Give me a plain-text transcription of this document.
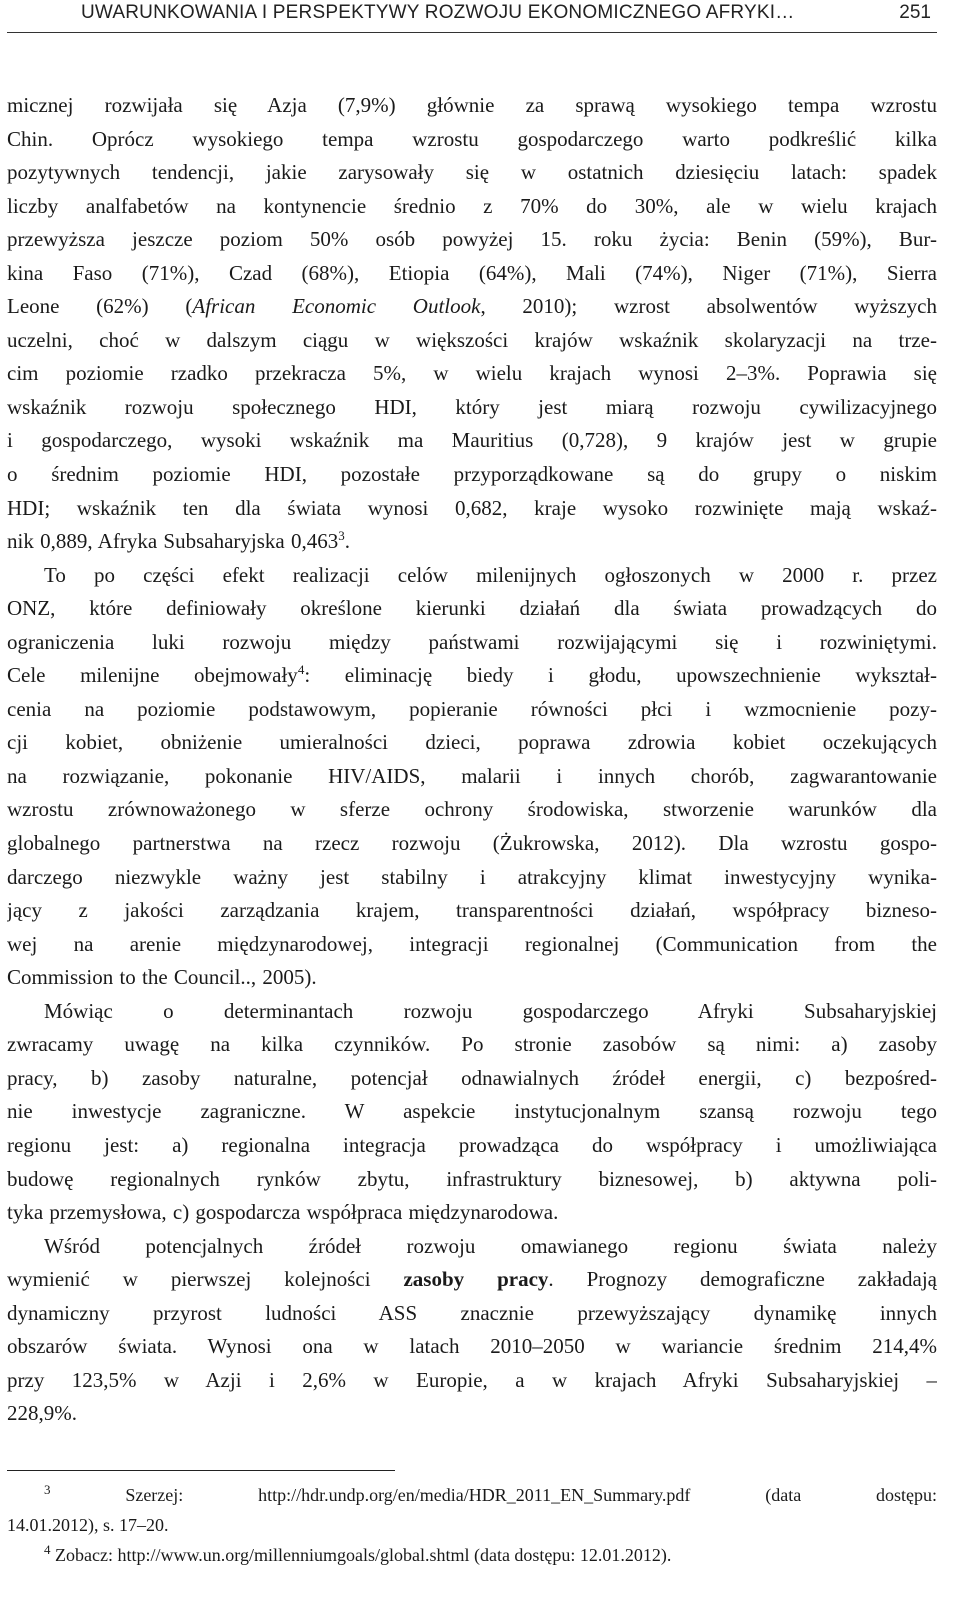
UWARUNKOWANIA I PERSPEKTYWY ROZWOJU EKONOMICZNEGO AFRYKI…	251
micznej rozwijała się Azja (7,9%) głównie za sprawą wysokiego tempa wzrostu
Chin. Oprócz wysokiego tempa wzrostu gospodarczego warto podkreślić kilka
pozytywnych tendencji, jakie zarysowały się w ostatnich dziesięciu latach: spadek
liczby analfabetów na kontynencie średnio z 70% do 30%, ale w wielu krajach
przewyższa jeszcze poziom 50% osób powyżej 15. roku życia: Benin (59%), Bur-
kina Faso (71%), Czad (68%), Etiopia (64%), Mali (74%), Niger (71%), Sierra
Leone (62%) (African Economic Outlook, 2010); wzrost absolwentów wyższych
uczelni, choć w dalszym ciągu w większości krajów wskaźnik skolaryzacji na trze-
cim poziomie rzadko przekracza 5%, w wielu krajach wynosi 2–3%. Poprawia się
wskaźnik rozwoju społecznego HDI, który jest miarą rozwoju cywilizacyjnego
i gospodarczego, wysoki wskaźnik ma Mauritius (0,728), 9 krajów jest w grupie
o średnim poziomie HDI, pozostałe przyporządkowane są do grupy o niskim
HDI; wskaźnik ten dla świata wynosi 0,682, kraje wysoko rozwinięte mają wskaź-
nik 0,889, Afryka Subsaharyjska 0,463$^3$.
To po części efekt realizacji celów milenijnych ogłoszonych w 2000 r. przez
ONZ, które definiowały określone kierunki działań dla świata prowadzących do
ograniczenia luki rozwoju między państwami rozwijającymi się i rozwiniętymi.
Cele milenijne obejmowały$^4$: eliminację biedy i głodu, upowszechnienie wykształ-
cenia na poziomie podstawowym, popieranie równości płci i wzmocnienie pozy-
cji kobiet, obniżenie umieralności dzieci, poprawa zdrowia kobiet oczekujących
na rozwiązanie, pokonanie HIV/AIDS, malarii i innych chorób, zagwarantowanie
wzrostu zrównoważonego w sferze ochrony środowiska, stworzenie warunków dla
globalnego partnerstwa na rzecz rozwoju (Żukrowska, 2012). Dla wzrostu gospo-
darczego niezwykle ważny jest stabilny i atrakcyjny klimat inwestycyjny wynika-
jący z jakości zarządzania krajem, transparentności działań, współpracy bizneso-
wej na arenie międzynarodowej, integracji regionalnej (Communication from the
Commission to the Council.., 2005).
Mówiąc o determinantach rozwoju gospodarczego Afryki Subsaharyjskiej
zwracamy uwagę na kilka czynników. Po stronie zasobów są nimi: a) zasoby
pracy, b) zasoby naturalne, potencjał odnawialnych źródeł energii, c) bezpośred-
nie inwestycje zagraniczne. W aspekcie instytucjonalnym szansą rozwoju tego
regionu jest: a) regionalna integracja prowadząca do współpracy i umożliwiająca
budowę regionalnych rynków zbytu, infrastruktury biznesowej, b) aktywna poli-
tyka przemysłowa, c) gospodarcza współpraca międzynarodowa.
Wśród potencjalnych źródeł rozwoju omawianego regionu świata należy
wymienić w pierwszej kolejności zasoby pracy. Prognozy demograficzne zakładają
dynamiczny przyrost ludności ASS znacznie przewyższający dynamikę innych
obszarów świata. Wynosi ona w latach 2010–2050 w wariancie średnim 214,4%
przy 123,5% w Azji i 2,6% w Europie, a w krajach Afryki Subsaharyjskiej –
228,9%.
$^3$ Szerzej: http://hdr.undp.org/en/media/HDR_2011_EN_Summary.pdf (data dostępu:
14.01.2012), s. 17–20.
$^4$ Zobacz: http://www.un.org/millenniumgoals/global.shtml (data dostępu: 12.01.2012).
